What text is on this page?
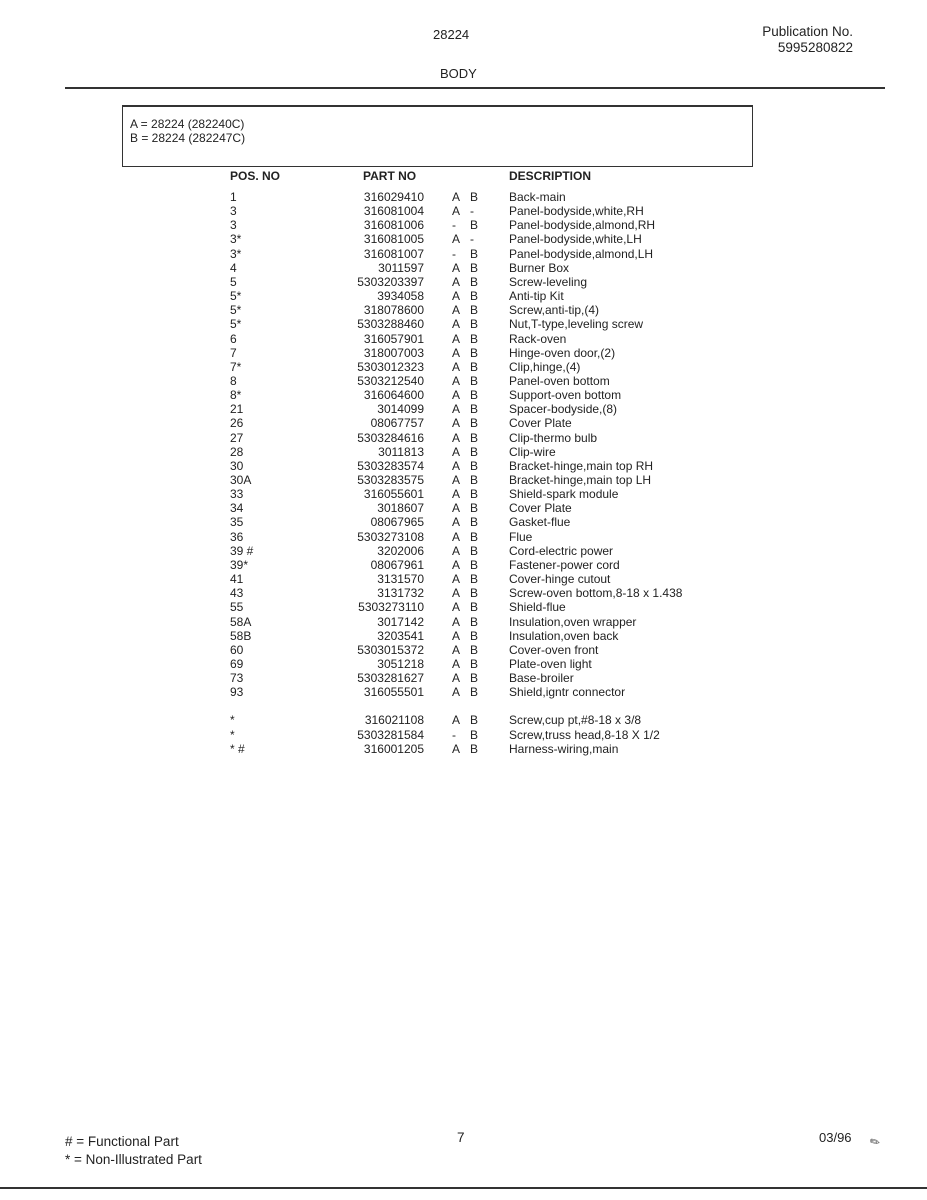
28224	Publication No.
5995280822
BODY
A = 28224 (282240C)
B = 28224 (282247C)
POS. NO	PART NO	DESCRIPTION
1	316029410 A B	Back-main
3	316081004 A -	Panel-bodyside,white,RH
3	316081006 - B	Panel-bodyside,almond,RH
3*	316081005 A -	Panel-bodyside,white,LH
3*	316081007 - B	Panel-bodyside,almond,LH
4	3011597 A B	Burner Box
5	5303203397 A B	Screw-leveling
5*	3934058 A B	Anti-tip Kit
5*	318078600 A B	Screw,anti-tip,(4)
5*	5303288460 A B	Nut,T-type,leveling screw
6	316057901 A B	Rack-oven
7	318007003 A B	Hinge-oven door,(2)
7*	5303012323 A B	Clip,hinge,(4)
8	5303212540 A B	Panel-oven bottom
8*	316064600 A B	Support-oven bottom
21	3014099 A B	Spacer-bodyside,(8)
26	08067757 A B	Cover Plate
27	5303284616 A B	Clip-thermo bulb
28	3011813 A B	Clip-wire
30	5303283574 A B	Bracket-hinge,main top RH
30A	5303283575 A B	Bracket-hinge,main top LH
33	316055601 A B	Shield-spark module
34	3018607 A B	Cover Plate
35	08067965 A B	Gasket-flue
36	5303273108 A B	Flue
39 #	3202006 A B	Cord-electric power
39*	08067961 A B	Fastener-power cord
41	3131570 A B	Cover-hinge cutout
43	3131732 A B	Screw-oven bottom,8-18 x 1.438
55	5303273110 A B	Shield-flue
58A	3017142 A B	Insulation,oven wrapper
58B	3203541 A B	Insulation,oven back
60	5303015372 A B	Cover-oven front
69	3051218 A B	Plate-oven light
73	5303281627 A B	Base-broiler
93	316055501 A B	Shield,igntr connector
*	316021108 A B	Screw,cup pt,#8-18 x 3/8
*	5303281584 - B	Screw,truss head,8-18 X 1/2
* #	316001205 A B	Harness-wiring,main
# = Functional Part
* = Non-Illustrated Part
7	03/96 ✎
